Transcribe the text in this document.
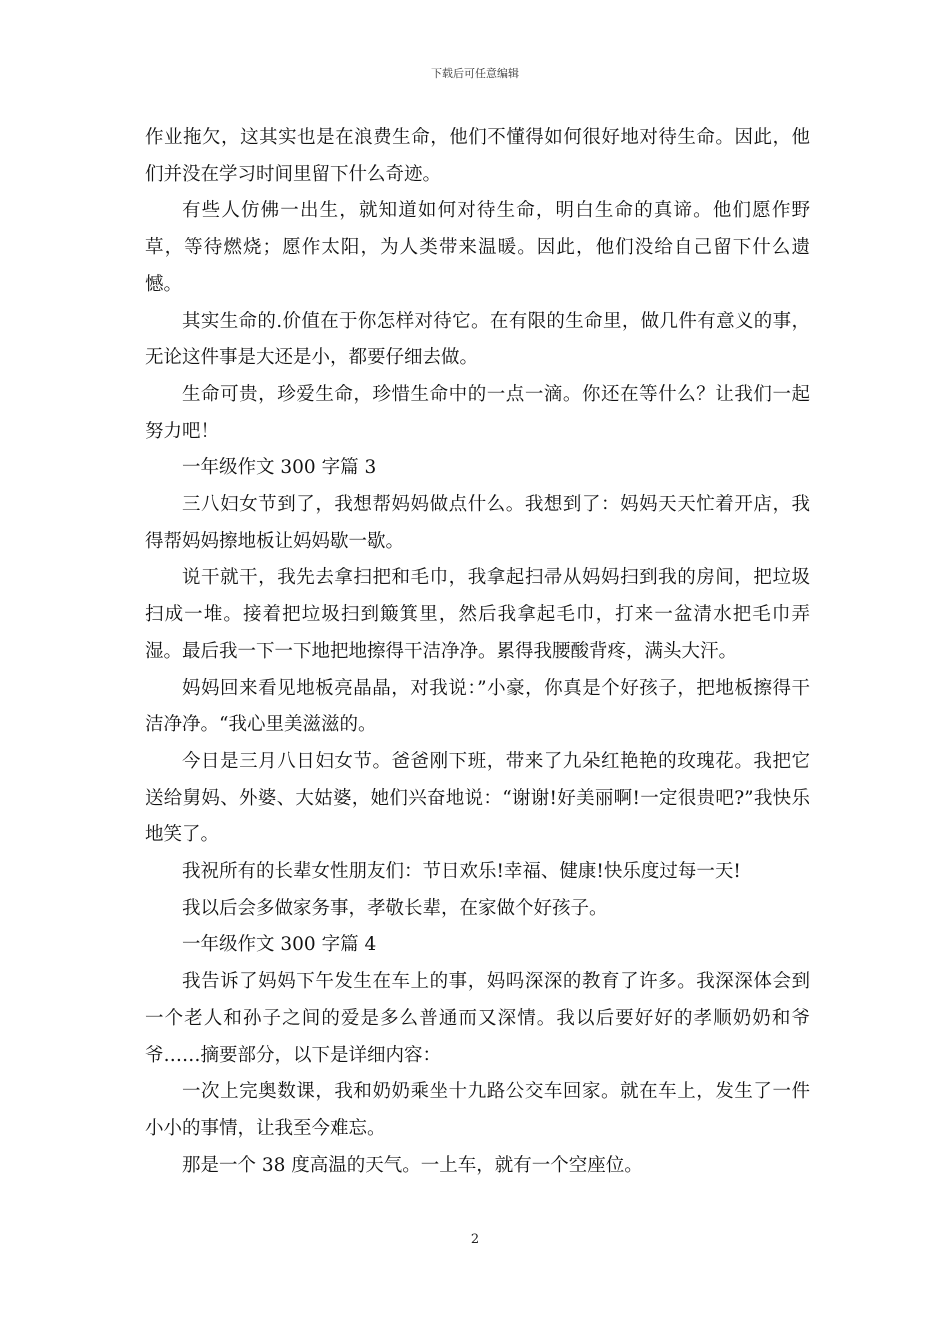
下载后可任意编辑

作业拖欠，这其实也是在浪费生命，他们不懂得如何很好地对待生命。因此，他们并没在学习时间里留下什么奇迹。

有些人仿佛一出生，就知道如何对待生命，明白生命的真谛。他们愿作野草，等待燃烧；愿作太阳，为人类带来温暖。因此，他们没给自己留下什么遗憾。

其实生命的.价值在于你怎样对待它。在有限的生命里，做几件有意义的事，无论这件事是大还是小，都要仔细去做。

生命可贵，珍爱生命，珍惜生命中的一点一滴。你还在等什么？让我们一起努力吧！

一年级作文 300 字篇 3

三八妇女节到了，我想帮妈妈做点什么。我想到了：妈妈天天忙着开店，我得帮妈妈擦地板让妈妈歇一歇。

说干就干，我先去拿扫把和毛巾，我拿起扫帚从妈妈扫到我的房间，把垃圾扫成一堆。接着把垃圾扫到簸箕里，然后我拿起毛巾，打来一盆清水把毛巾弄湿。最后我一下一下地把地擦得干洁净净。累得我腰酸背疼，满头大汗。

妈妈回来看见地板亮晶晶，对我说：”小豪，你真是个好孩子，把地板擦得干洁净净。“我心里美滋滋的。

今日是三月八日妇女节。爸爸刚下班，带来了九朵红艳艳的玫瑰花。我把它送给舅妈、外婆、大姑婆，她们兴奋地说：“谢谢!好美丽啊!一定很贵吧?”我快乐地笑了。

我祝所有的长辈女性朋友们：节日欢乐!幸福、健康!快乐度过每一天!

我以后会多做家务事，孝敬长辈，在家做个好孩子。

一年级作文 300 字篇 4

我告诉了妈妈下午发生在车上的事，妈吗深深的教育了许多。我深深体会到一个老人和孙子之间的爱是多么普通而又深情。我以后要好好的孝顺奶奶和爷爷……摘要部分，以下是详细内容：

一次上完奥数课，我和奶奶乘坐十九路公交车回家。就在车上，发生了一件小小的事情，让我至今难忘。

那是一个 38 度高温的天气。一上车，就有一个空座位。

2
